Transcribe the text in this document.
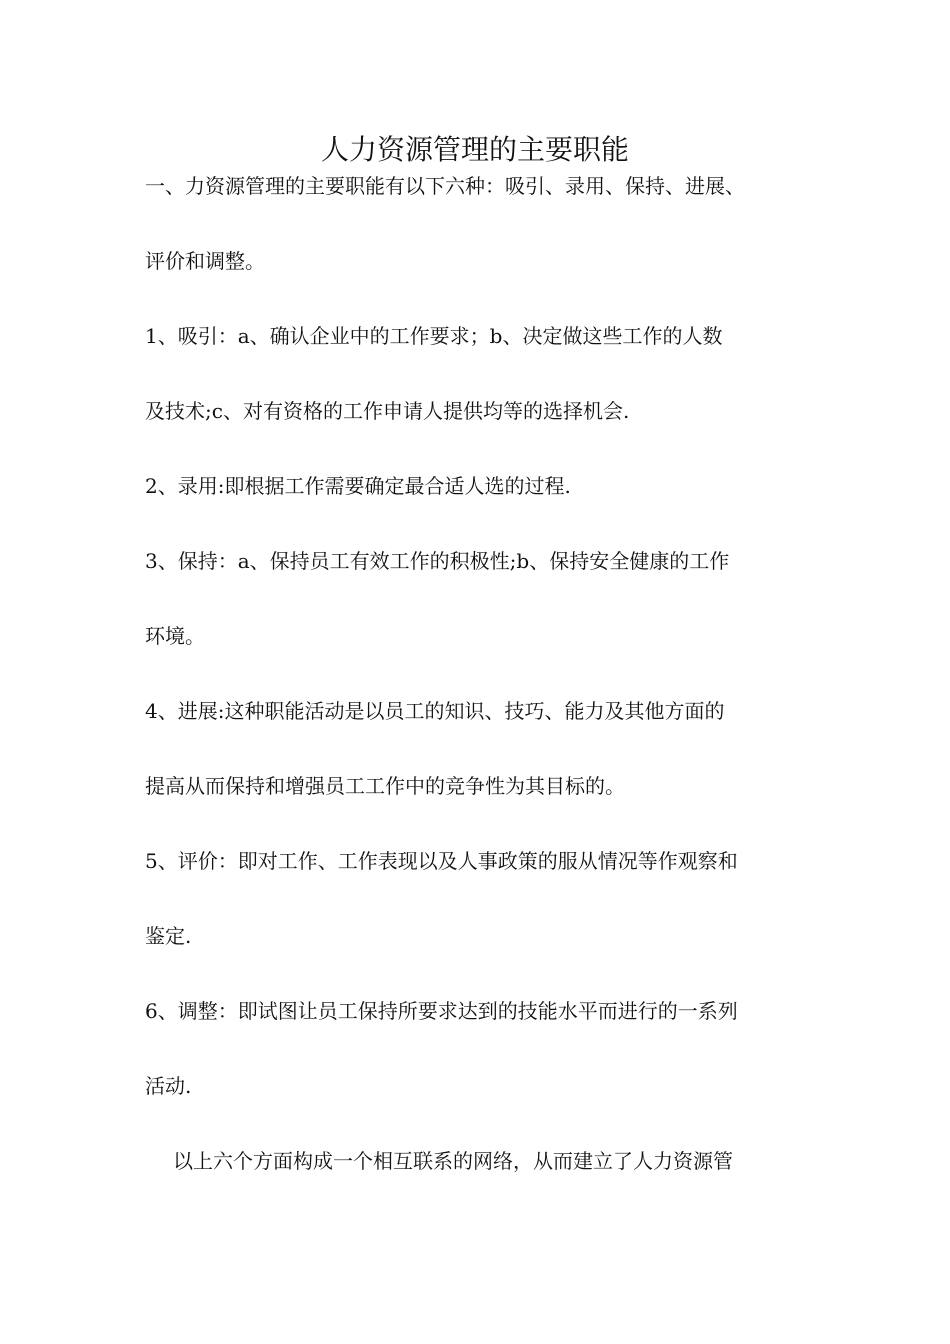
人力资源管理的主要职能

一、力资源管理的主要职能有以下六种：吸引、录用、保持、进展、
评价和调整。

1、吸引：a、确认企业中的工作要求；b、决定做这些工作的人数
及技术;c、对有资格的工作申请人提供均等的选择机会.

2、录用:即根据工作需要确定最合适人选的过程.

3、保持：a、保持员工有效工作的积极性;b、保持安全健康的工作
环境。

4、进展:这种职能活动是以员工的知识、技巧、能力及其他方面的
提高从而保持和增强员工工作中的竞争性为其目标的。

5、评价：即对工作、工作表现以及人事政策的服从情况等作观察和
鉴定.

6、调整：即试图让员工保持所要求达到的技能水平而进行的一系列
活动.

以上六个方面构成一个相互联系的网络，从而建立了人力资源管
